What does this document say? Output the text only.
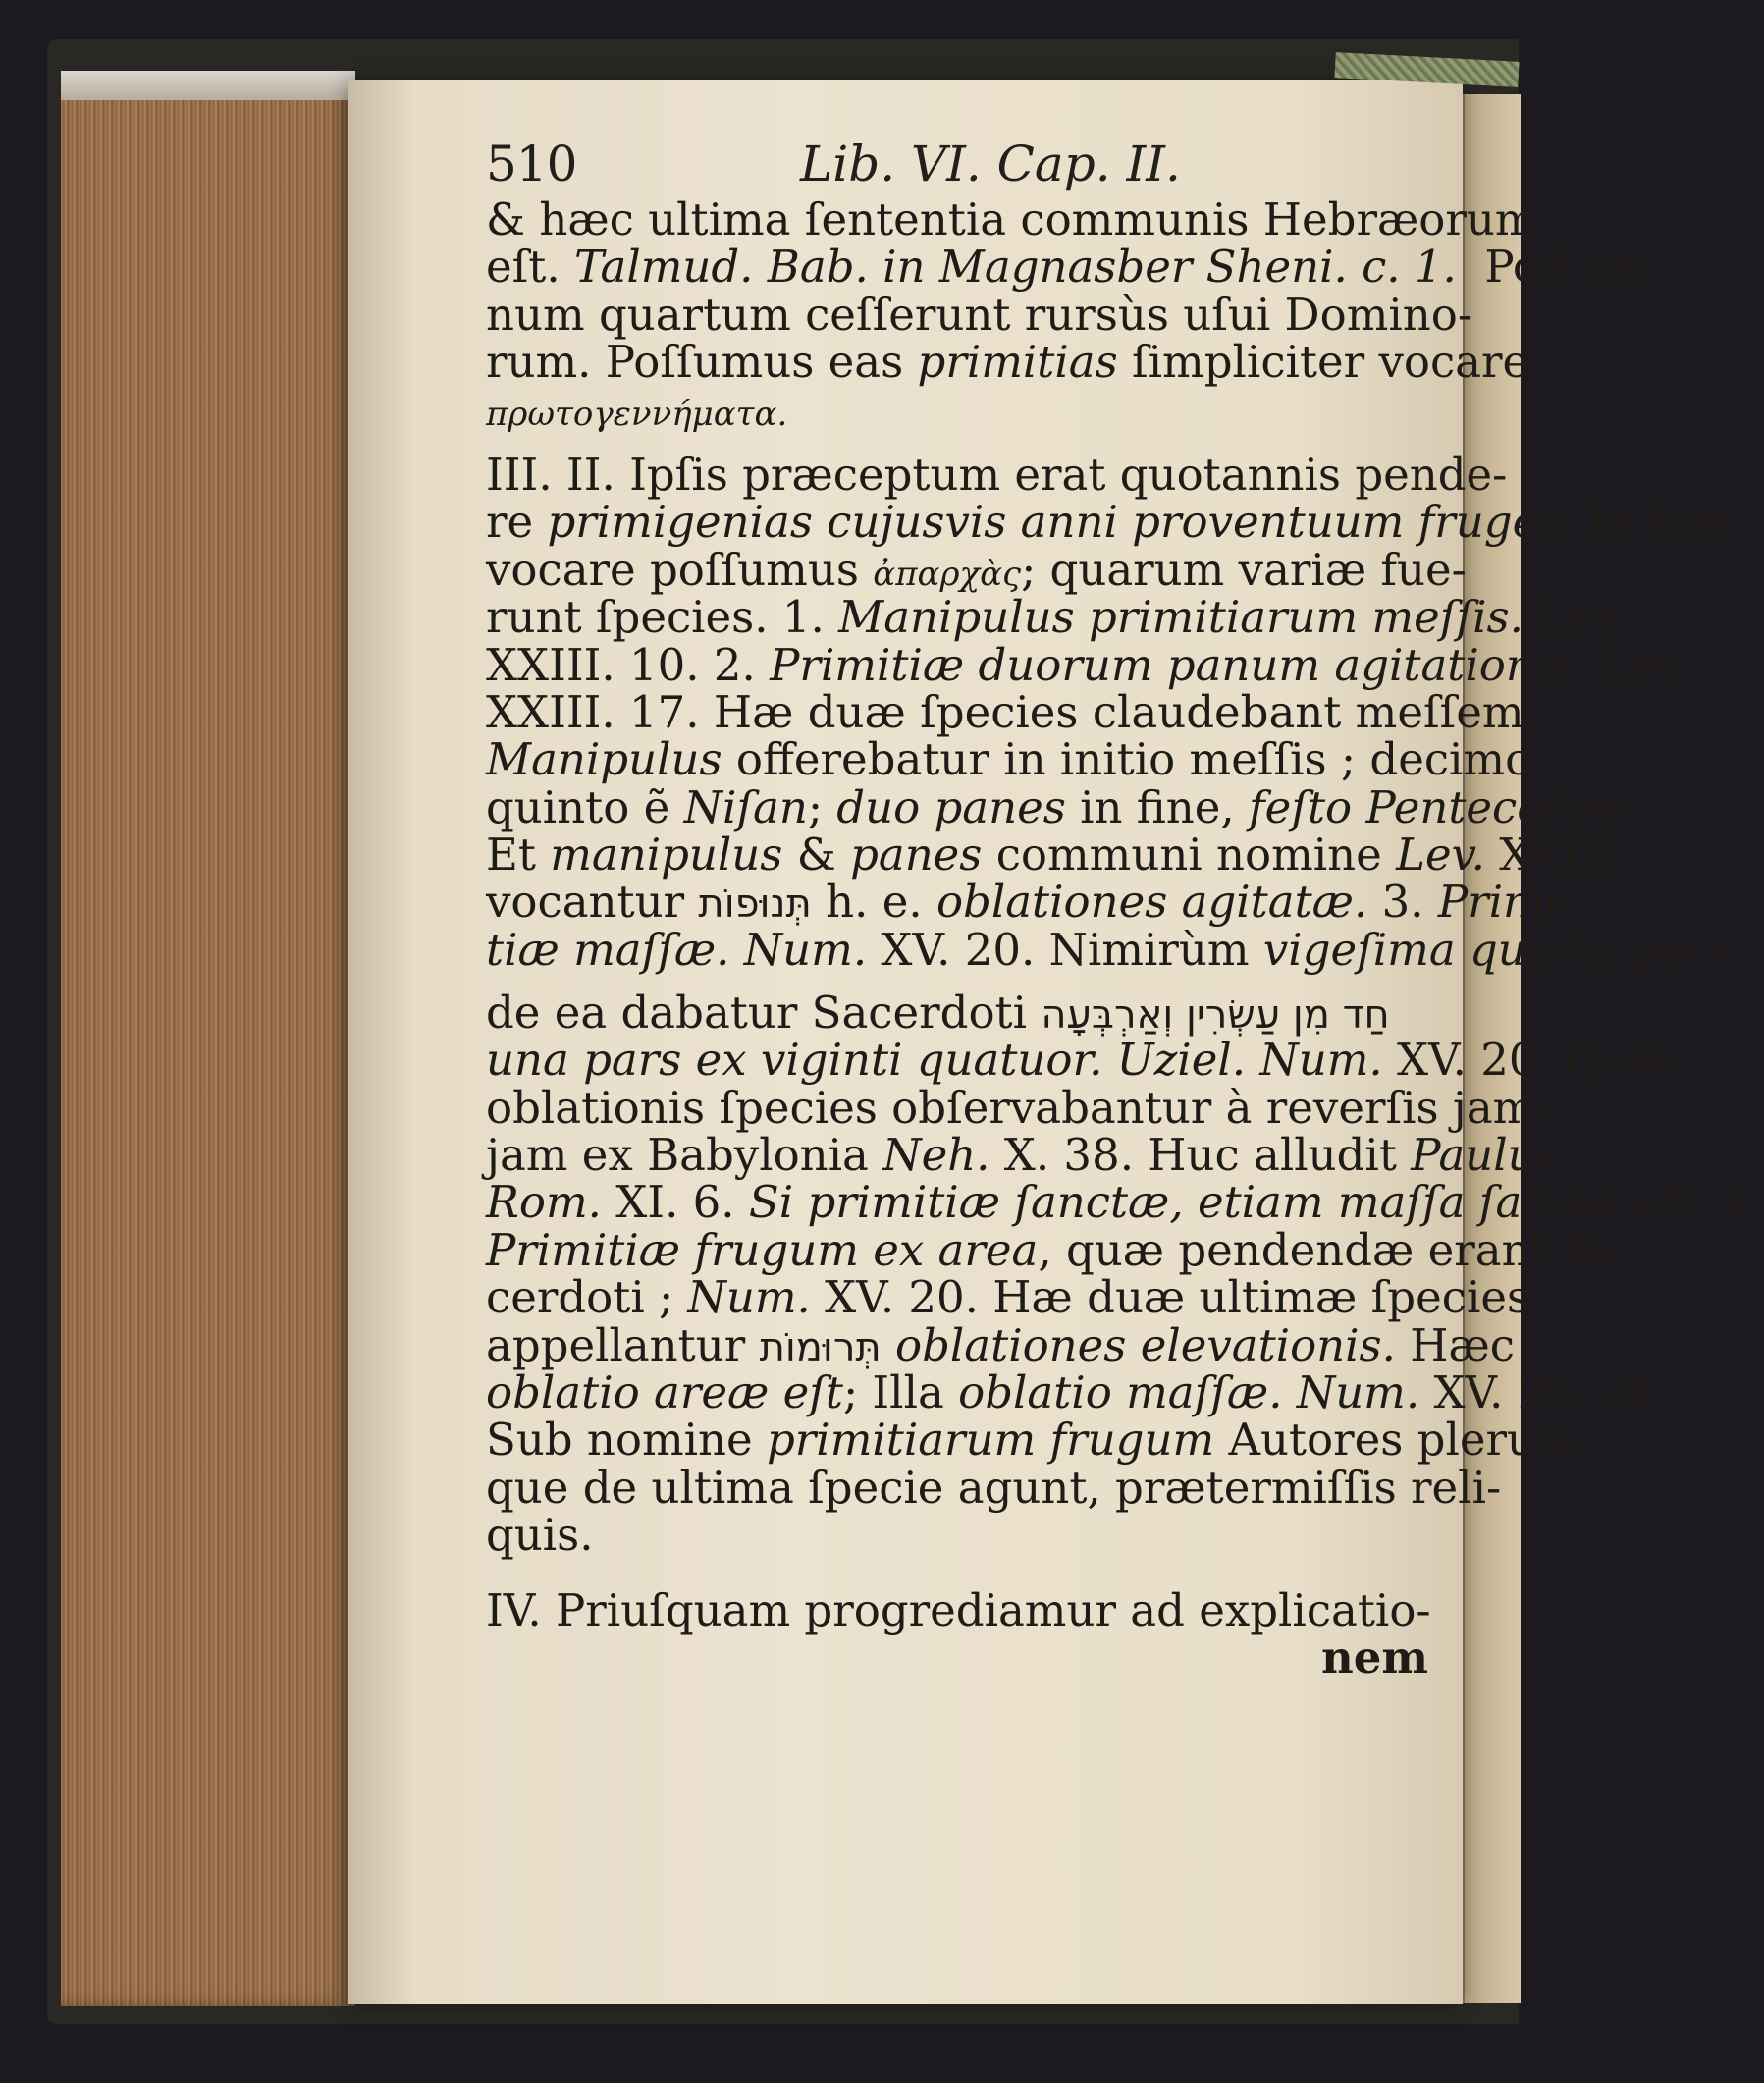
510	Lib. VI. Cap. II.
& hæc ultima ſententia communis Hebræorum
eſt. Talmud. Bab. in Magnasber Sheni. c. 1.  Poſt an-
num quartum ceſſerunt rursùs uſui Domino-
rum. Poſſumus eas primitias ſimpliciter vocare
πρωτογεννήματα.
III. II. Ipſis præceptum erat quotannis pende-
re primigenias cujusvis anni proventuum fruges. Et has
vocare poſſumus ἀπαρχὰς; quarum variæ fue-
runt ſpecies. 1. Manipulus primitiarum meſſis. Lev.
XXIII. 10. 2. Primitiæ duorum panum agitationis. Lev.
XXIII. 17. Hæ duæ ſpecies claudebant meſſem.
Manipulus offerebatur in initio meſſis ; decimo
quinto ẽ Niſan; duo panes in fine, feſto Pentecoſtes.
Et manipulus & panes communi nomine Lev. XXIII.
vocantur תְּנוּפוֹת h. e. oblationes agitatæ. 3. Primi-
tiæ maſſæ. Num. XV. 20. Nimirùm vigeſima quarta pars
de ea dabatur Sacerdoti חַד מִן עַשְׂרִין וְאַרְבְּעָה
una pars ex viginti quatuor. Uziel. Num. XV. 20. Quæ
oblationis ſpecies obſervabantur à reverſis jam-
jam ex Babylonia Neh. X. 38. Huc alludit Paulus
Rom. XI. 6. Si primitiæ ſanctæ, etiam maſſa ſancta eſt. 4.
Primitiæ frugum ex area, quæ pendendæ erant Sa-
cerdoti ; Num. XV. 20. Hæ duæ ultimæ ſpecies
appellantur תְּרוּמוֹת oblationes elevationis. Hæc
oblatio areæ eſt; Illa oblatio maſſæ. Num. XV. 20. 21.
Sub nomine primitiarum frugum Autores plerum-
que de ultima ſpecie agunt, prætermiſſis reli-
quis.
IV. Priuſquam progrediamur ad explicatio-
nem
